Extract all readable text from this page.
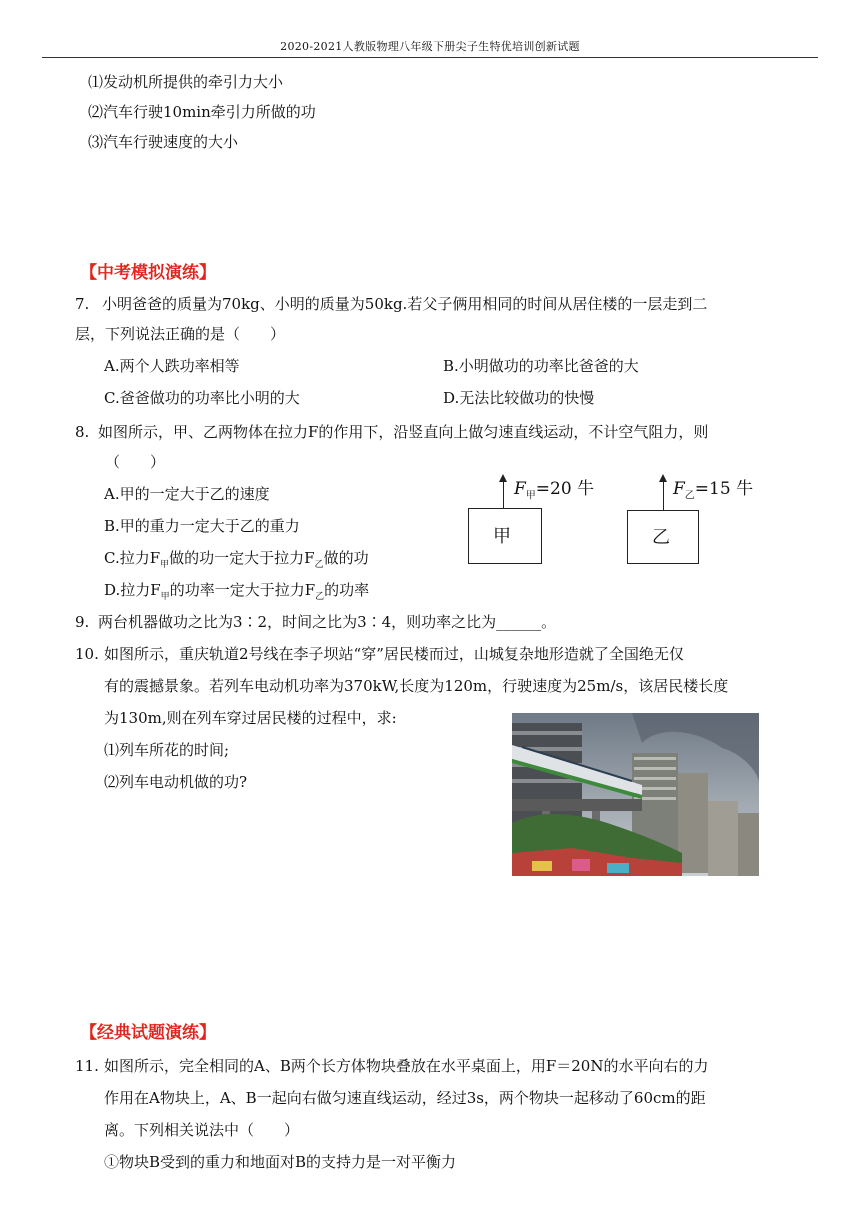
2020-2021人教版物理八年级下册尖子生特优培训创新试题
⑴发动机所提供的牵引力大小
⑵汽车行驶10min牵引力所做的功
⑶汽车行驶速度的大小
【中考模拟演练】
7. 小明爸爸的质量为70kg、小明的质量为50kg.若父子俩用相同的时间从居住楼的一层走到二
层，下列说法正确的是（　　）
A.两个人跌功率相等	B.小明做功的功率比爸爸的大
C.爸爸做功的功率比小明的大	D.无法比较做功的快慢
8. 如图所示，甲、乙两物体在拉力F的作用下，沿竖直向上做匀速直线运动，不计空气阻力，则
（　　）
A.甲的一定大于乙的速度
B.甲的重力一定大于乙的重力
C.拉力$F_甲$做的功一定大于拉力$F_乙$做的功
D.拉力$F_甲$的功率一定大于拉力$F_乙$的功率
$F_甲=20$ 牛
甲
$F_乙=15$ 牛
乙
9. 两台机器做功之比为3∶2，时间之比为3∶4，则功率之比为______。
10. 如图所示，重庆轨道2号线在李子坝站“穿”居民楼而过，山城复杂地形造就了全国绝无仅
有的震撼景象。若列车电动机功率为370kW,长度为120m，行驶速度为25m/s，该居民楼长度
为130m,则在列车穿过居民楼的过程中，求:
⑴列车所花的时间;
⑵列车电动机做的功?
【经典试题演练】
11. 如图所示，完全相同的A、B两个长方体物块叠放在水平桌面上，用F＝20N的水平向右的力
作用在A物块上，A、B一起向右做匀速直线运动，经过3s，两个物块一起移动了60cm的距
离。下列相关说法中（　　）
①物块B受到的重力和地面对B的支持力是一对平衡力
